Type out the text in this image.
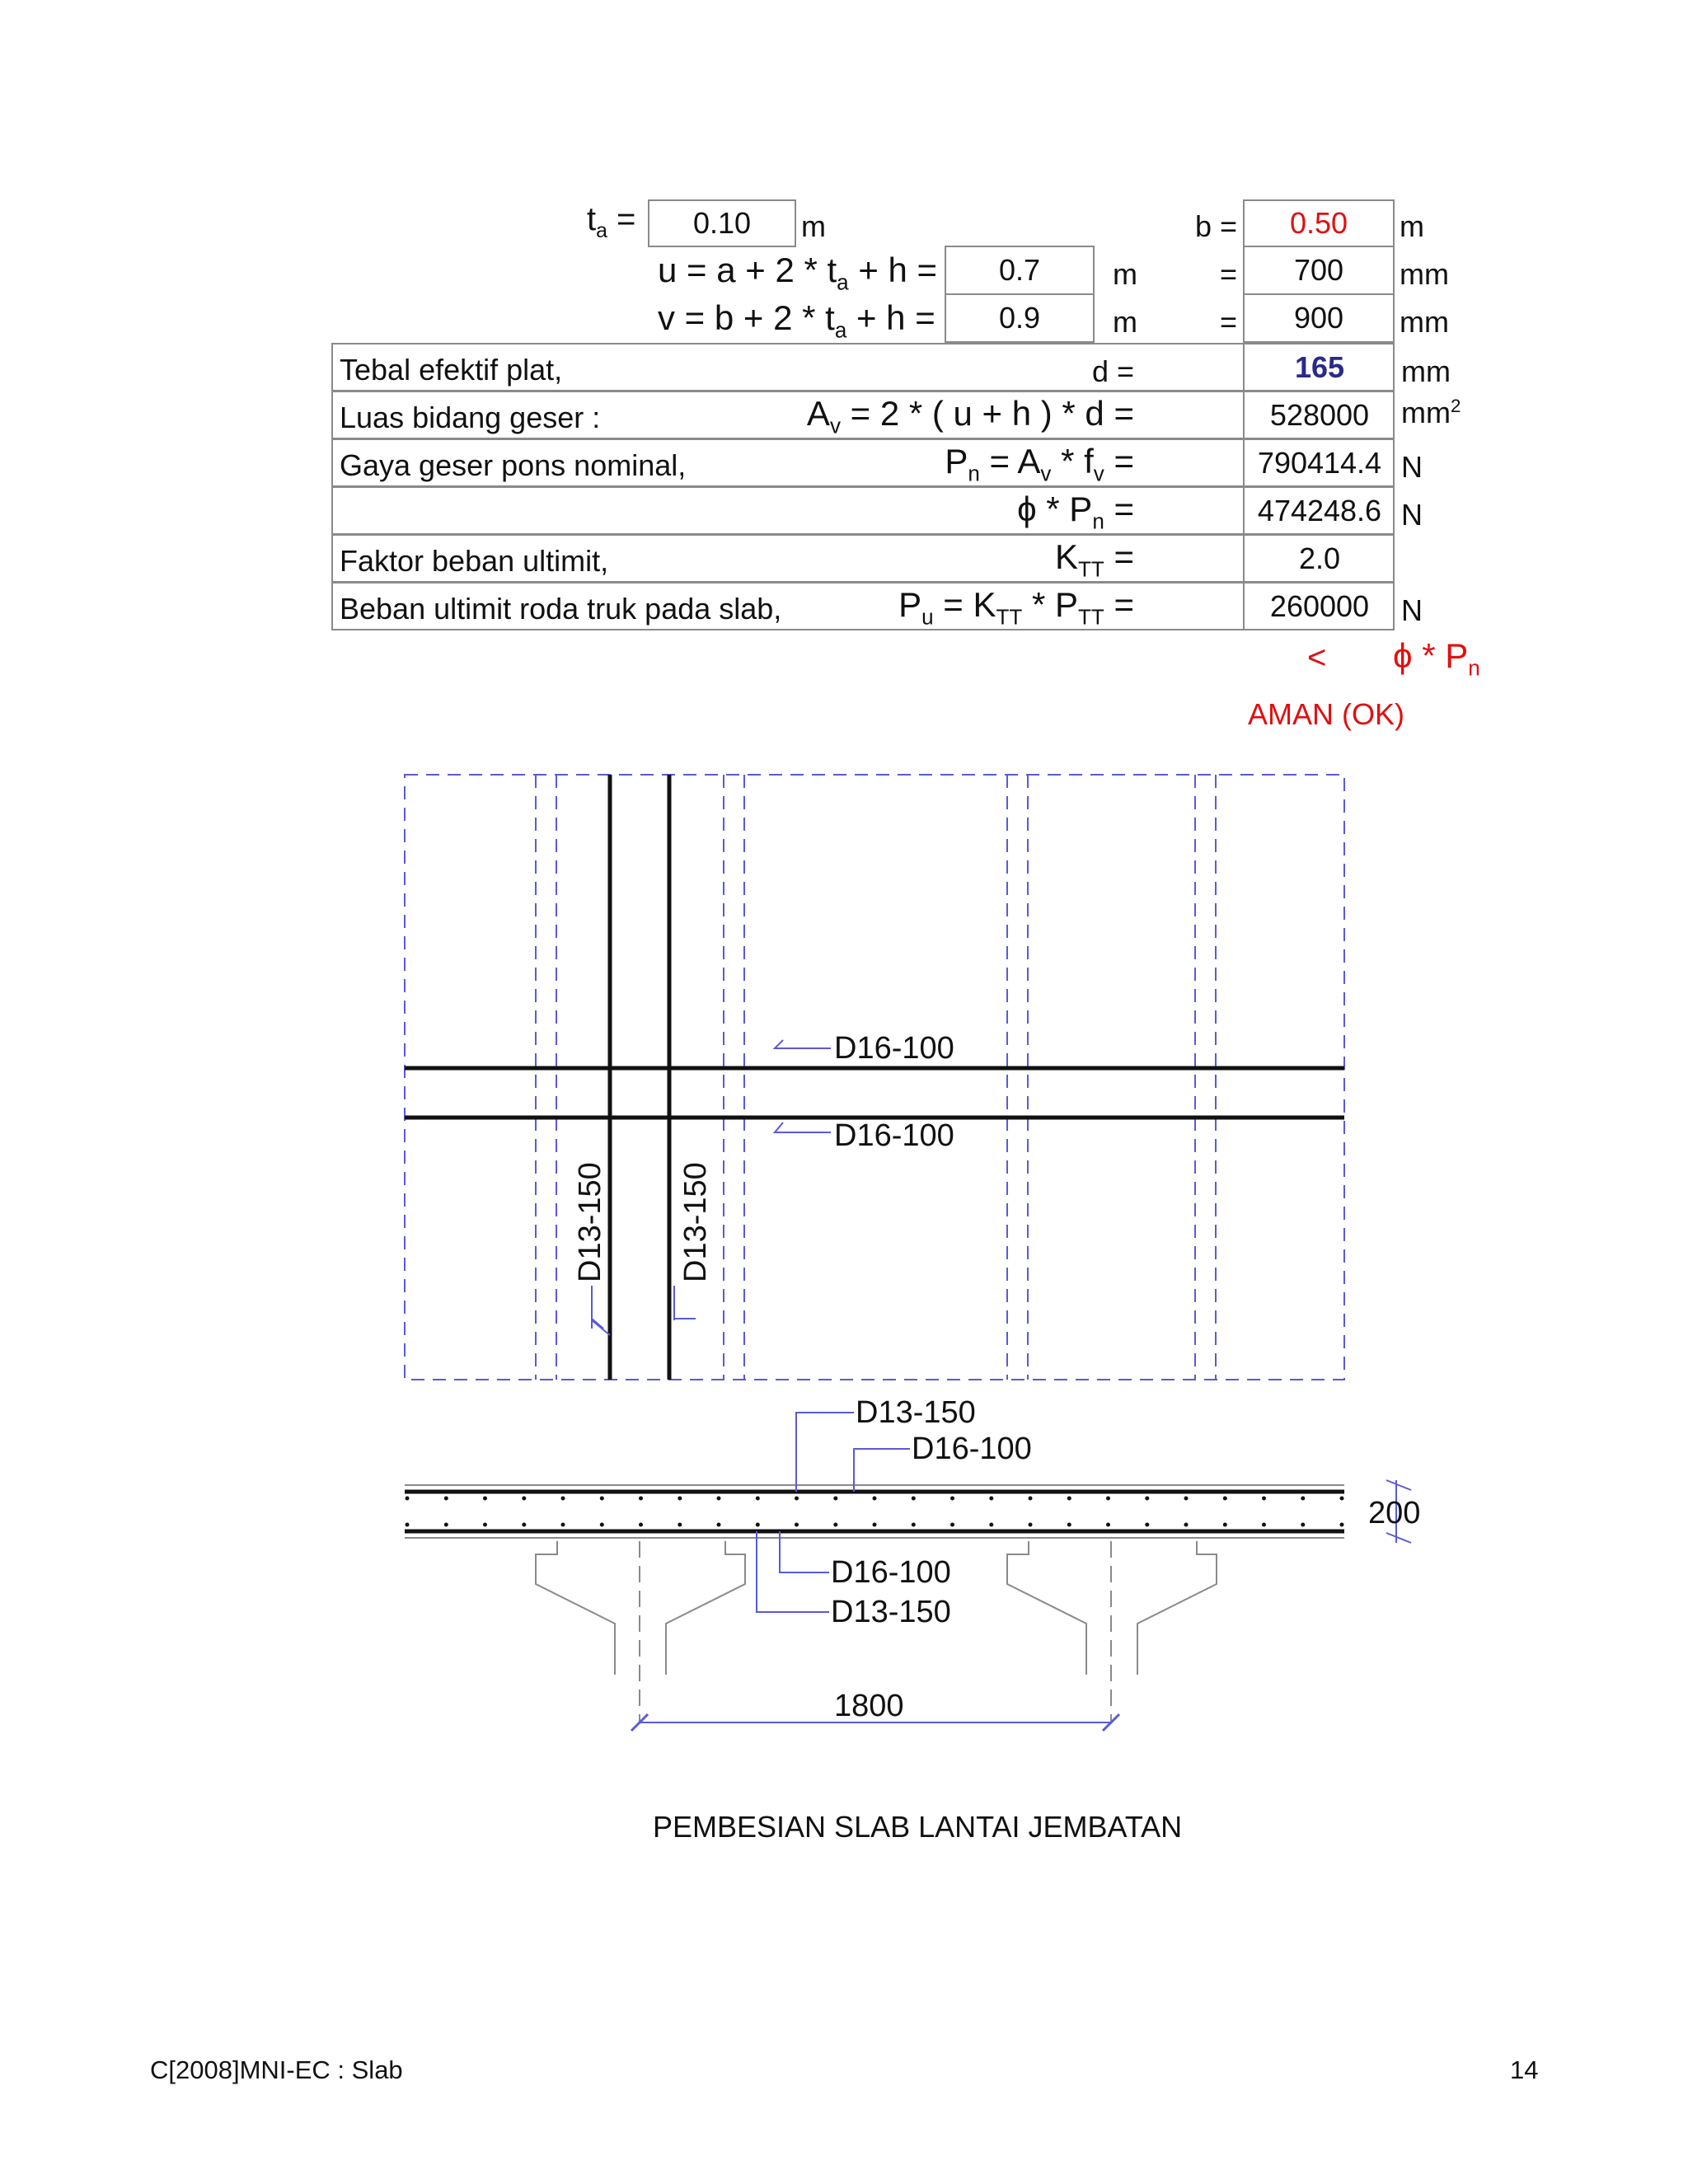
$t_a = 0.10$ m	b = 0.50 m
$u = a + 2 * t_a + h = 0.7$ m	= 700 mm
$v = b + 2 * t_a + h = 0.9$ m	= 900 mm
Tebal efektif plat,	d =	165 mm
Luas bidang geser :	$A_v = 2$ * ( u + h ) * d =	528000 $mm^2$
Gaya geser pons nominal,	$P_n = A_v * f_v$ =	790414.4 N
ϕ * $P_n$ =	474248.6 N
Faktor beban ultimit,	$K_{TT}$ =	2.0
Beban ultimit roda truk pada slab,	$P_u = K_{TT} * P_{TT}$ =	260000 N
< ϕ * $P_n$
AMAN (OK)
D16-100
D16-100
D13-150 D13-150
D13-150
D16-100
D16-100
D13-150
200
1800
PEMBESIAN SLAB LANTAI JEMBATAN
C[2008]MNI-EC : Slab	14
